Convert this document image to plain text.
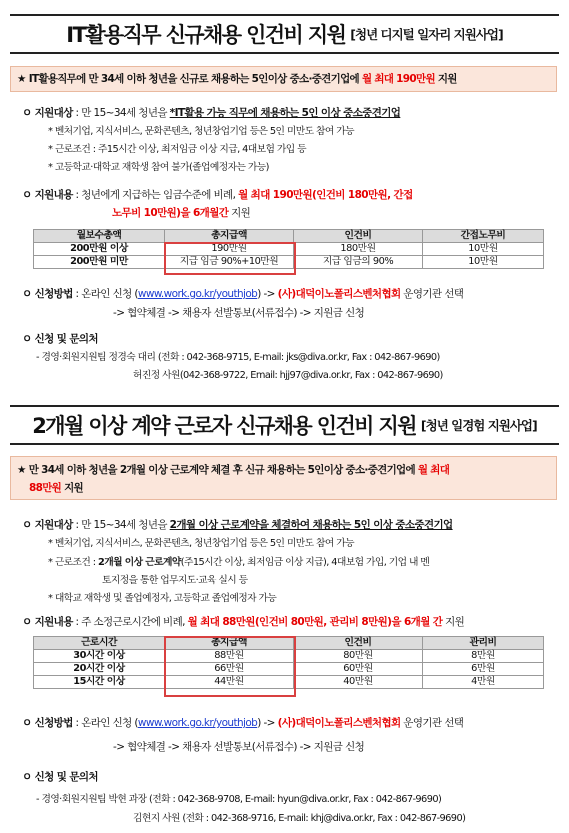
IT활용직무 신규채용 인건비 지원 [청년 디지털 일자리 지원사업]
★ IT활용직무에 만 34세 이하 청년을 신규로 채용하는 5인이상 중소·중견기업에 월 최대 190만원 지원
ㅇ 지원대상 : 만 15~34세 청년을 *IT활용 가능 직무에 채용하는 5인 이상 중소중견기업
* 벤처기업, 지식서비스, 문화콘텐츠, 청년창업기업 등은 5인 미만도 참여 가능
* 근로조건 : 주15시간 이상, 최저임금 이상 지급, 4대보험 가입 등
* 고등학교·대학교 재학생 참여 불가(졸업예정자는 가능)
ㅇ 지원내용 : 청년에게 지급하는 임금수준에 비례, 월 최대 190만원(인건비 180만원, 간접
노무비 10만원)을 6개월간 지원
월보수총액	총지급액	인건비	간접노무비
200만원 이상	190만원	180만원	10만원
200만원 미만	지급 임금 90%+10만원	지급 임금의 90%	10만원
ㅇ 신청방법 : 온라인 신청 (www.work.go.kr/youthjob) -> (사)대덕이노폴리스벤처협회 운영기관 선택
-> 협약체결 -> 채용자 선발통보(서류접수) -> 지원금 신청
ㅇ 신청 및 문의처
- 경영·회원지원팀 정경숙 대리 (전화 : 042-368-9715, E-mail: jks@diva.or.kr, Fax : 042-867-9690)
허진정 사원(042-368-9722, Email: hjj97@diva.or.kr, Fax : 042-867-9690)
2개월 이상 계약 근로자 신규채용 인건비 지원 [청년 일경험 지원사업]
★ 만 34세 이하 청년을 2개월 이상 근로계약 체결 후 신규 채용하는 5인이상 중소·중견기업에 월 최대
88만원 지원
ㅇ 지원대상 : 만 15~34세 청년을 2개월 이상 근로계약을 체결하여 채용하는 5인 이상 중소중견기업
* 벤처기업, 지식서비스, 문화콘텐츠, 청년창업기업 등은 5인 미만도 참여 가능
* 근로조건 : 2개월 이상 근로계약(주15시간 이상, 최저임금 이상 지급), 4대보험 가입, 기업 내 멘
토지정을 통한 업무지도·교육 실시 등
* 대학교 재학생 및 졸업예정자, 고등학교 졸업예정자 가능
ㅇ 지원내용 : 주 소정근로시간에 비례, 월 최대 88만원(인건비 80만원, 관리비 8만원)을 6개월 간 지원
근로시간	총지급액	인건비	관리비
30시간 이상	88만원	80만원	8만원
20시간 이상	66만원	60만원	6만원
15시간 이상	44만원	40만원	4만원
ㅇ 신청방법 : 온라인 신청 (www.work.go.kr/youthjob) -> (사)대덕이노폴리스벤처협회 운영기관 선택
-> 협약체결 -> 채용자 선발통보(서류접수) -> 지원금 신청
ㅇ 신청 및 문의처
- 경영·회원지원팀 박현 과장 (전화 : 042-368-9708, E-mail: hyun@diva.or.kr, Fax : 042-867-9690)
김현지 사원 (전화 : 042-368-9716, E-mail: khj@diva.or.kr, Fax : 042-867-9690)
